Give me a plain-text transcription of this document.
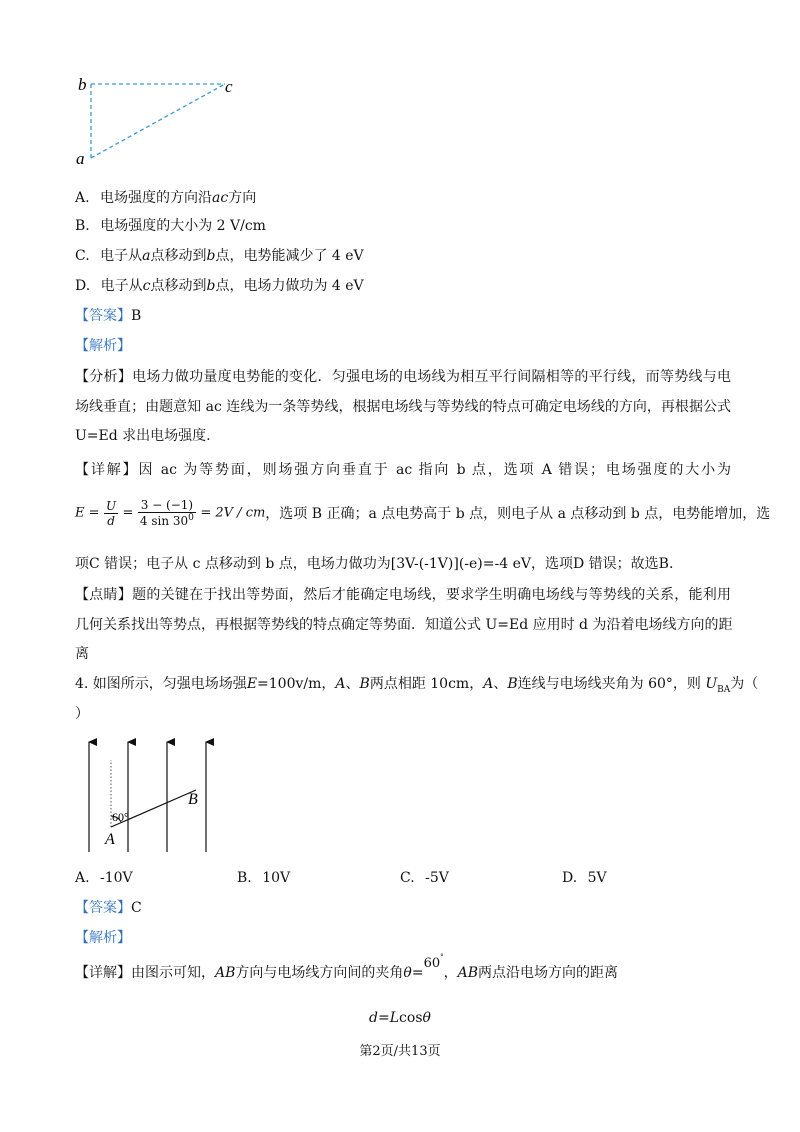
b	c
a
A. 电场强度的方向沿ac方向
B. 电场强度的大小为 2 V/cm
C. 电子从a点移动到b点，电势能减少了 4 eV
D. 电子从c点移动到b点，电场力做功为 4 eV
【答案】B
【解析】
【分析】电场力做功量度电势能的变化．匀强电场的电场线为相互平行间隔相等的平行线，而等势线与电
场线垂直；由题意知 ac 连线为一条等势线，根据电场线与等势线的特点可确定电场线的方向，再根据公式
U=Ed 求出电场强度.
【详解】因 ac 为等势面，则场强方向垂直于 ac 指向 b 点，选项 A 错误；电场强度的大小为
$E = \frac{U}{d} = \frac{3 - (-1)}{4 \sin 30^0} = 2V$ / cm，选项 B 正确；a 点电势高于 b 点，则电子从 a 点移动到 b 点，电势能增加，选
项C 错误；电子从 c 点移动到 b 点，电场力做功为[3V-(-1V)](-e)=-4 eV，选项D 错误；故选B.
【点睛】题的关键在于找出等势面，然后才能确定电场线，要求学生明确电场线与等势线的关系，能利用
几何关系找出等势点，再根据等势线的特点确定等势面．知道公式 U=Ed 应用时 d 为沿着电场线方向的距
离
4. 如图所示，匀强电场场强E=100v/m，A、B两点相距 10cm，A、B连线与电场线夹角为 60°，则 $U_{BA}$为（
）
60°
A
B
A. -10V	B. 10V	C. -5V	D. 5V
【答案】C
【解析】
【详解】由图示可知，AB方向与电场线方向间的夹角θ=60°，AB两点沿电场方向的距离
d=Lcosθ
第2页/共13页
